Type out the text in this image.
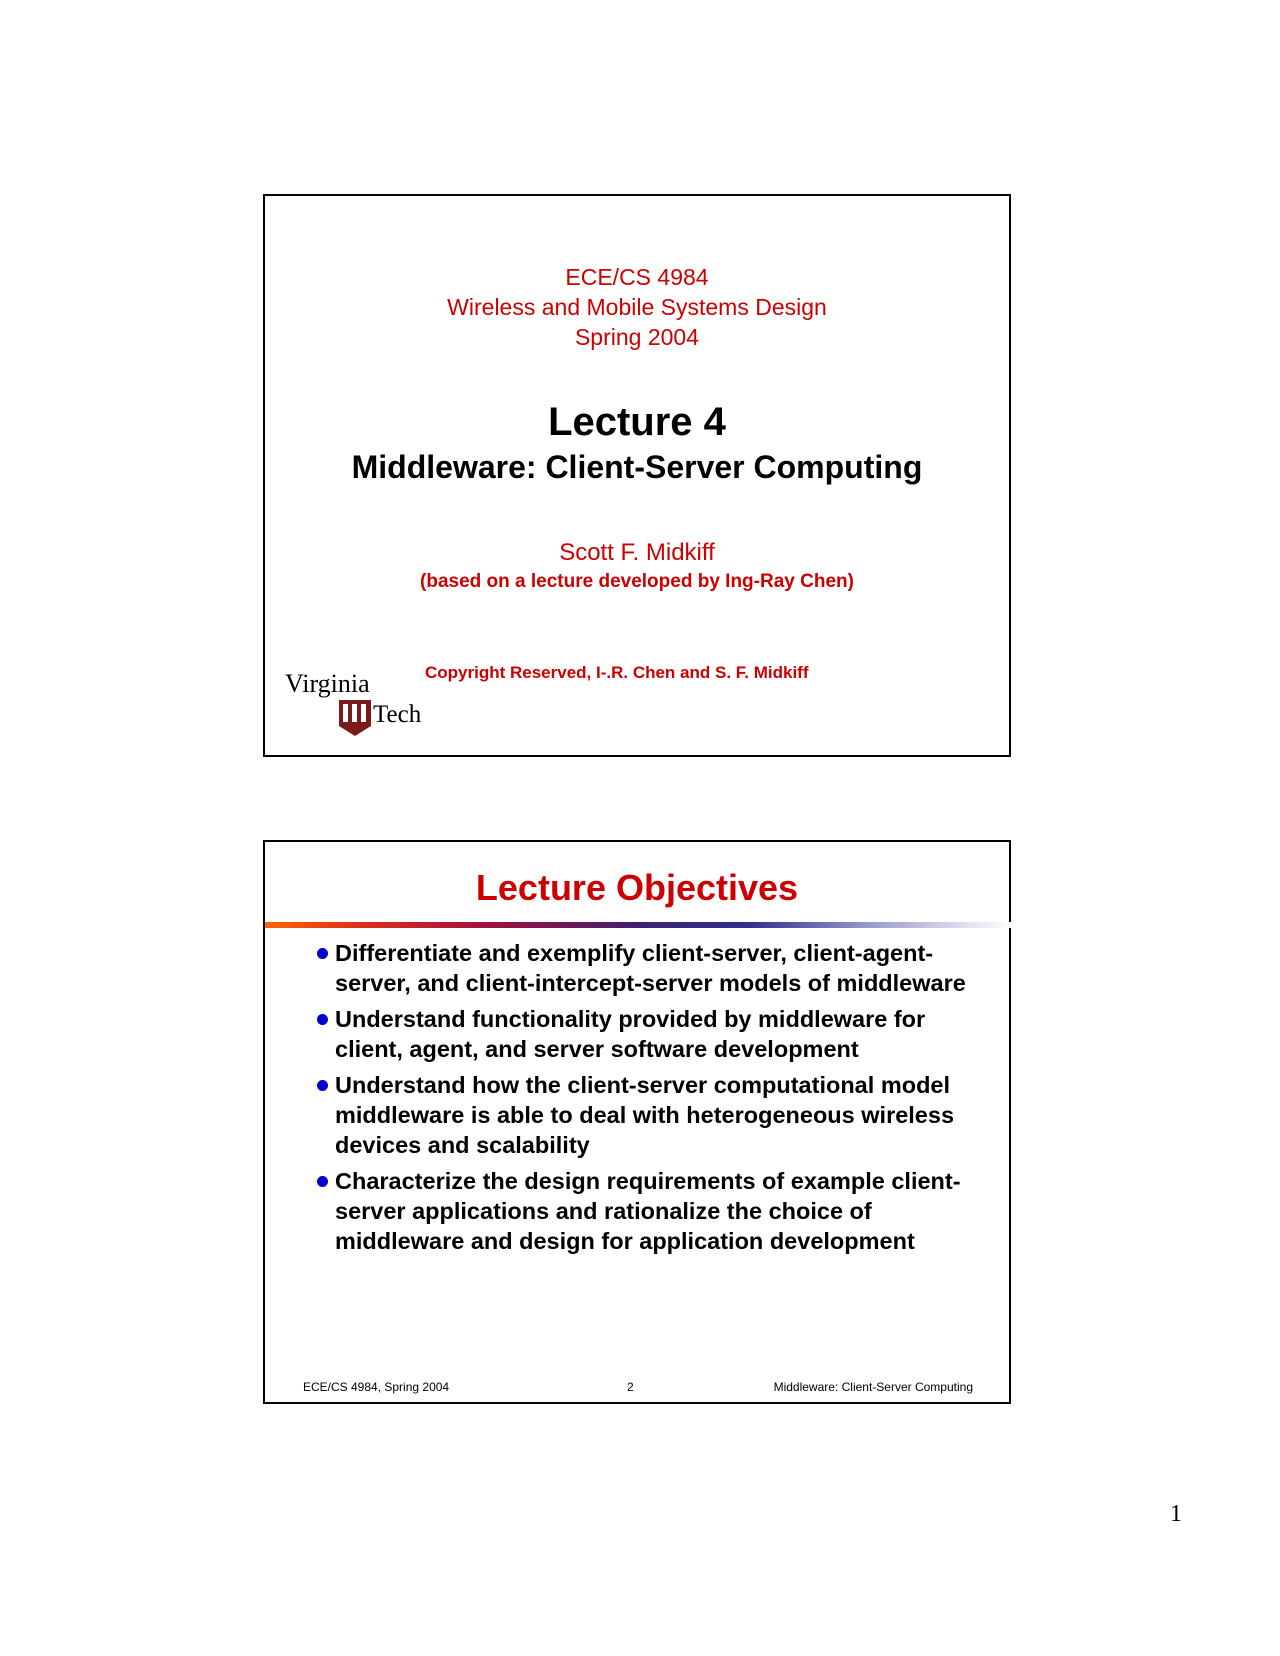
ECE/CS 4984
Wireless and Mobile Systems Design
Spring 2004
Lecture 4
Middleware: Client-Server Computing
Scott F. Midkiff
(based on a lecture developed by Ing-Ray Chen)
Virginia
Tech
Copyright Reserved, I-.R. Chen and S. F. Midkiff
Lecture Objectives
Differentiate and exemplify client-server, client-agent-server, and client-intercept-server models of middleware
Understand functionality provided by middleware for client, agent, and server software development
Understand how the client-server computational model middleware is able to deal with heterogeneous wireless devices and scalability
Characterize the design requirements of example client-server applications and rationalize the choice of middleware and design for application development
ECE/CS 4984, Spring 2004	2	Middleware: Client-Server Computing
1
